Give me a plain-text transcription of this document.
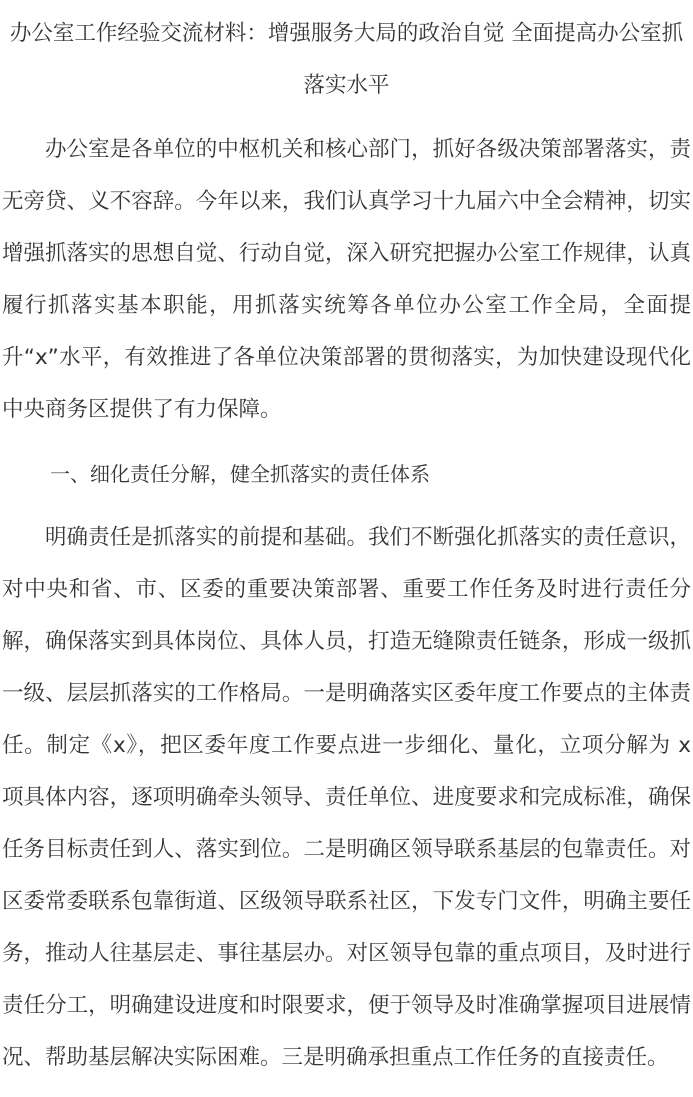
办公室工作经验交流材料：增强服务大局的政治自觉 全面提高办公室抓落实水平

办公室是各单位的中枢机关和核心部门，抓好各级决策部署落实，责无旁贷、义不容辞。今年以来，我们认真学习十九届六中全会精神，切实增强抓落实的思想自觉、行动自觉，深入研究把握办公室工作规律，认真履行抓落实基本职能，用抓落实统筹各单位办公室工作全局，全面提升“x”水平，有效推进了各单位决策部署的贯彻落实，为加快建设现代化中央商务区提供了有力保障。

一、细化责任分解，健全抓落实的责任体系

明确责任是抓落实的前提和基础。我们不断强化抓落实的责任意识，对中央和省、市、区委的重要决策部署、重要工作任务及时进行责任分解，确保落实到具体岗位、具体人员，打造无缝隙责任链条，形成一级抓一级、层层抓落实的工作格局。一是明确落实区委年度工作要点的主体责任。制定《x》，把区委年度工作要点进一步细化、量化，立项分解为 x 项具体内容，逐项明确牵头领导、责任单位、进度要求和完成标准，确保任务目标责任到人、落实到位。二是明确区领导联系基层的包靠责任。对区委常委联系包靠街道、区级领导联系社区，下发专门文件，明确主要任务，推动人往基层走、事往基层办。对区领导包靠的重点项目，及时进行责任分工，明确建设进度和时限要求，便于领导及时准确掌握项目进展情况、帮助基层解决实际困难。三是明确承担重点工作任务的直接责任。
